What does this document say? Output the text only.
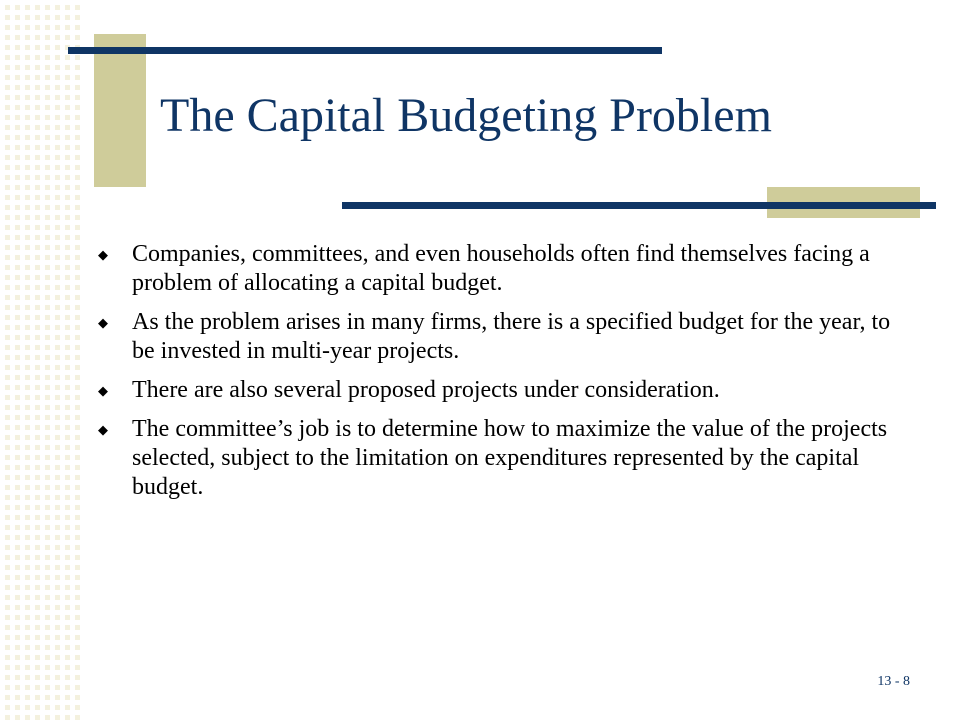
The Capital Budgeting Problem
◆	Companies, committees, and even households often find themselves facing a problem of allocating a capital budget.
◆	As the problem arises in many firms, there is a specified budget for the year, to be invested in multi-year projects.
◆	There are also several proposed projects under consideration.
◆	The committee’s job is to determine how to maximize the value of the projects selected, subject to the limitation on expenditures represented by the capital budget.
13 - 8
